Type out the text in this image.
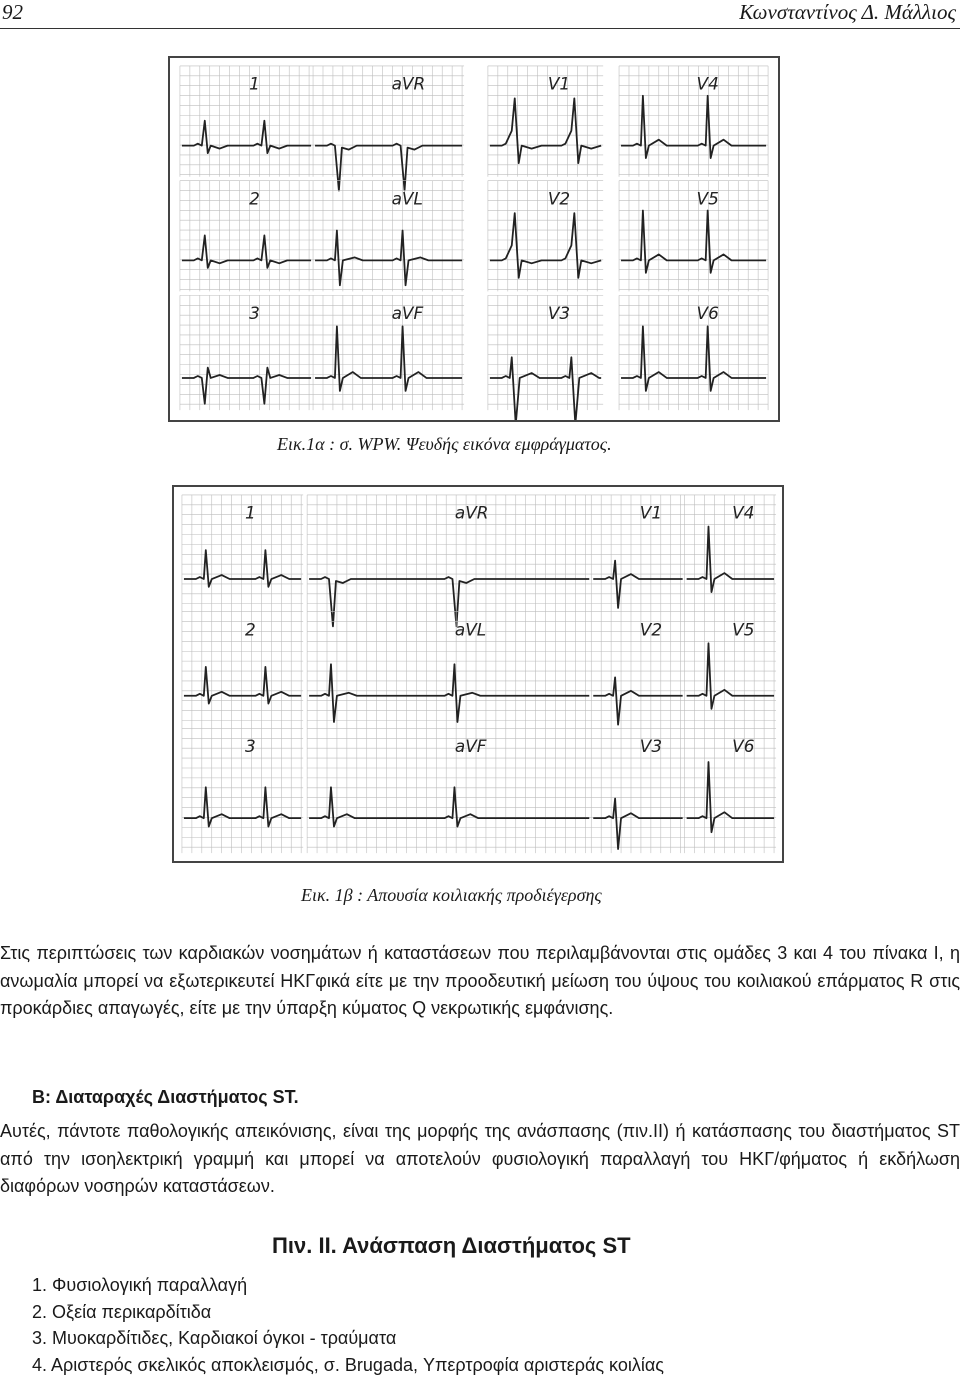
92	Κωνσταντίνος Δ. Μάλλιος
1	aVR	V1	V4
2	aVL	V2	V5
3	aVF	V3	V6
Εικ.1α : σ. WPW. Ψευδής εικόνα εμφράγματος.
1	aVR	V1	V4
2	aVL	V2	V5
3	aVF	V3	V6
Εικ. 1β : Απουσία κοιλιακής προδιέγερσης

Στις περιπτώσεις των καρδιακών νοσημάτων ή καταστάσεων που περιλαμβάνονται στις ομάδες 3 και 4 του πίνακα Ι, η ανωμαλία μπορεί να εξωτερικευτεί ΗΚΓφικά είτε με την προοδευτική μείωση του ύψους του κοιλιακού επάρματος R στις προκάρδιες απαγωγές, είτε με την ύπαρξη κύματος Q νεκρωτικής εμφάνισης.

Β: Διαταραχές Διαστήματος ST.

Αυτές, πάντοτε παθολογικής απεικόνισης, είναι της μορφής της ανάσπασης (πιν.ΙΙ) ή κατάσπασης του διαστήματος ST από την ισοηλεκτρική γραμμή και μπορεί να αποτελούν φυσιολογική παραλλαγή του ΗΚΓ/φήματος ή εκδήλωση διαφόρων νοσηρών καταστάσεων.

Πιν. ΙΙ. Ανάσπαση Διαστήματος ST
1. Φυσιολογική παραλλαγή
2. Οξεία περικαρδίτιδα
3. Μυοκαρδίτιδες, Καρδιακοί όγκοι - τραύματα
4. Αριστερός σκελικός αποκλεισμός, σ. Brugada, Υπερτροφία αριστεράς κοιλίας
